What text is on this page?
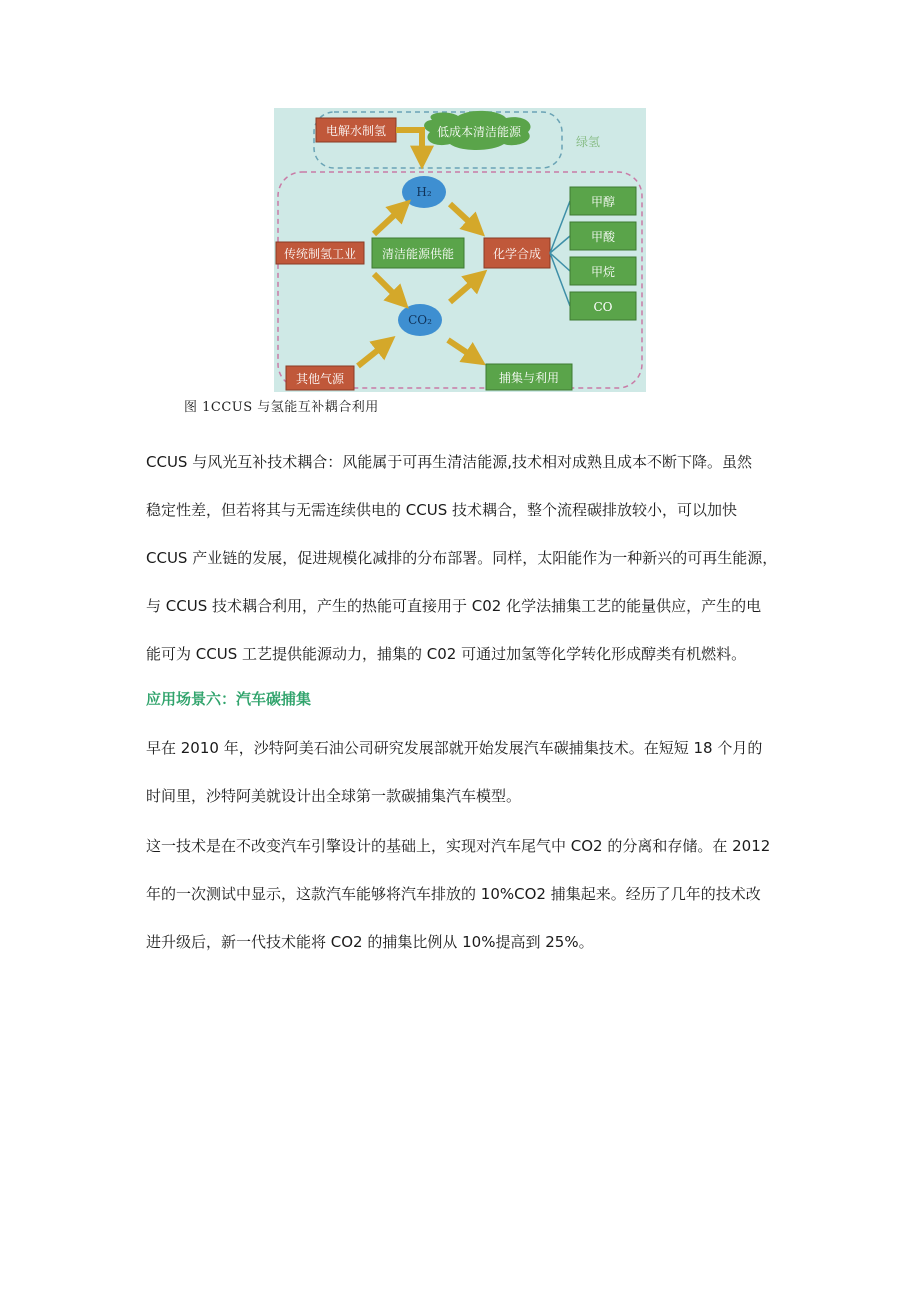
电解水制氢	低成本清洁能源
绿氢
H₂
传统制氢工业 清洁能源供能	化学合成
CO₂
甲醇
甲酸
甲烷
CO
其他气源	捕集与利用
图 1CCUS 与氢能互补耦合利用
CCUS 与风光互补技术耦合：风能属于可再生清洁能源,技术相对成熟且成本不断下降。虽然
稳定性差，但若将其与无需连续供电的 CCUS 技术耦合，整个流程碳排放较小，可以加快
CCUS 产业链的发展，促进规模化减排的分布部署。同样，太阳能作为一种新兴的可再生能源，
与 CCUS 技术耦合利用，产生的热能可直接用于 C02 化学法捕集工艺的能量供应，产生的电
能可为 CCUS 工艺提供能源动力，捕集的 C02 可通过加氢等化学转化形成醇类有机燃料。
应用场景六：汽车碳捕集
早在 2010 年，沙特阿美石油公司研究发展部就开始发展汽车碳捕集技术。在短短 18 个月的
时间里，沙特阿美就设计出全球第一款碳捕集汽车模型。
这一技术是在不改变汽车引擎设计的基础上，实现对汽车尾气中 CO2 的分离和存储。在 2012
年的一次测试中显示，这款汽车能够将汽车排放的 10%CO2 捕集起来。经历了几年的技术改
进升级后，新一代技术能将 CO2 的捕集比例从 10%提高到 25%。
